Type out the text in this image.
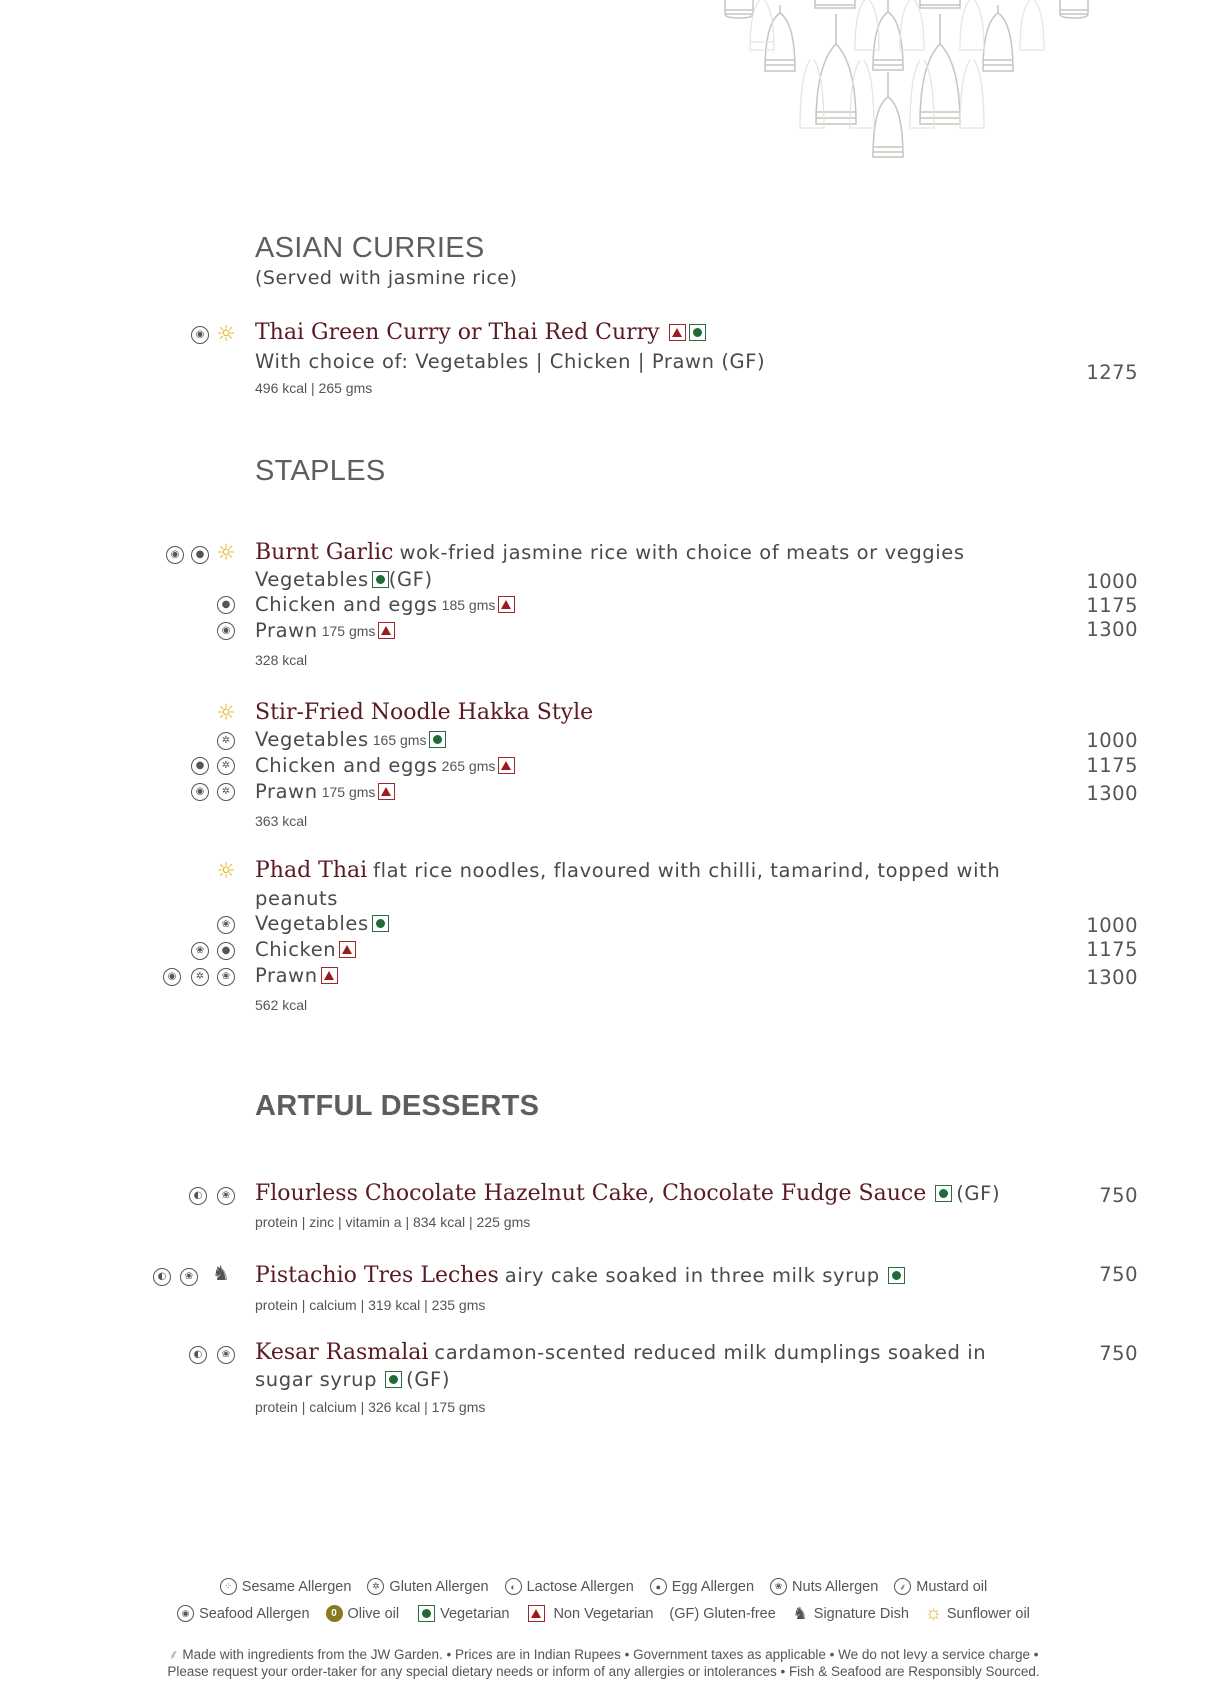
ASIAN CURRIES
(Served with jasmine rice)
◉ ☼ Thai Green Curry or Thai Red Curry
With choice of: Vegetables | Chicken | Prawn (GF)
496 kcal | 265 gms
1275
STAPLES
◉	● ☼ Burnt Garlic wok-fried jasmine rice with choice of meats or veggies
Vegetables (GF)	1000
● Chicken and eggs 185 gms	1175
◉ Prawn 175 gms	1300
328 kcal
☼ Stir-Fried Noodle Hakka Style
✲ Vegetables 165 gms	1000
●	✲ Chicken and eggs 265 gms	1175
◉	✲ Prawn 175 gms	1300
363 kcal
☼ Phad Thai flat rice noodles, flavoured with chilli, tamarind, topped with
peanuts
❀ Vegetables	1000
❀	● Chicken	1175
◉	✲	❀ Prawn	1300
562 kcal
ARTFUL DESSERTS
◐	❀ Flourless Chocolate Hazelnut Cake, Chocolate Fudge Sauce (GF)
protein | zinc | vitamin a | 834 kcal | 225 gms
750
◐	❀ ♞ Pistachio Tres Leches airy cake soaked in three milk syrup
protein | calcium | 319 kcal | 235 gms
750
◐	❀ Kesar Rasmalai cardamon-scented reduced milk dumplings soaked in
sugar syrup (GF)
protein | calcium | 326 kcal | 175 gms
750
⁘ Sesame Allergen	✲ Gluten Allergen	◐ Lactose Allergen	● Egg Allergen	❀ Nuts Allergen	⸙ Mustard oil
◉ Seafood Allergen	0 Olive oil	Vegetarian	Non Vegetarian (GF) Gluten-free ♞ Signature Dish ☼ Sunflower oil
⸙ Made with ingredients from the JW Garden. • Prices are in Indian Rupees • Government taxes as applicable • We do not levy a service charge •
Please request your order-taker for any special dietary needs or inform of any allergies or intolerances • Fish & Seafood are Responsibly Sourced.
